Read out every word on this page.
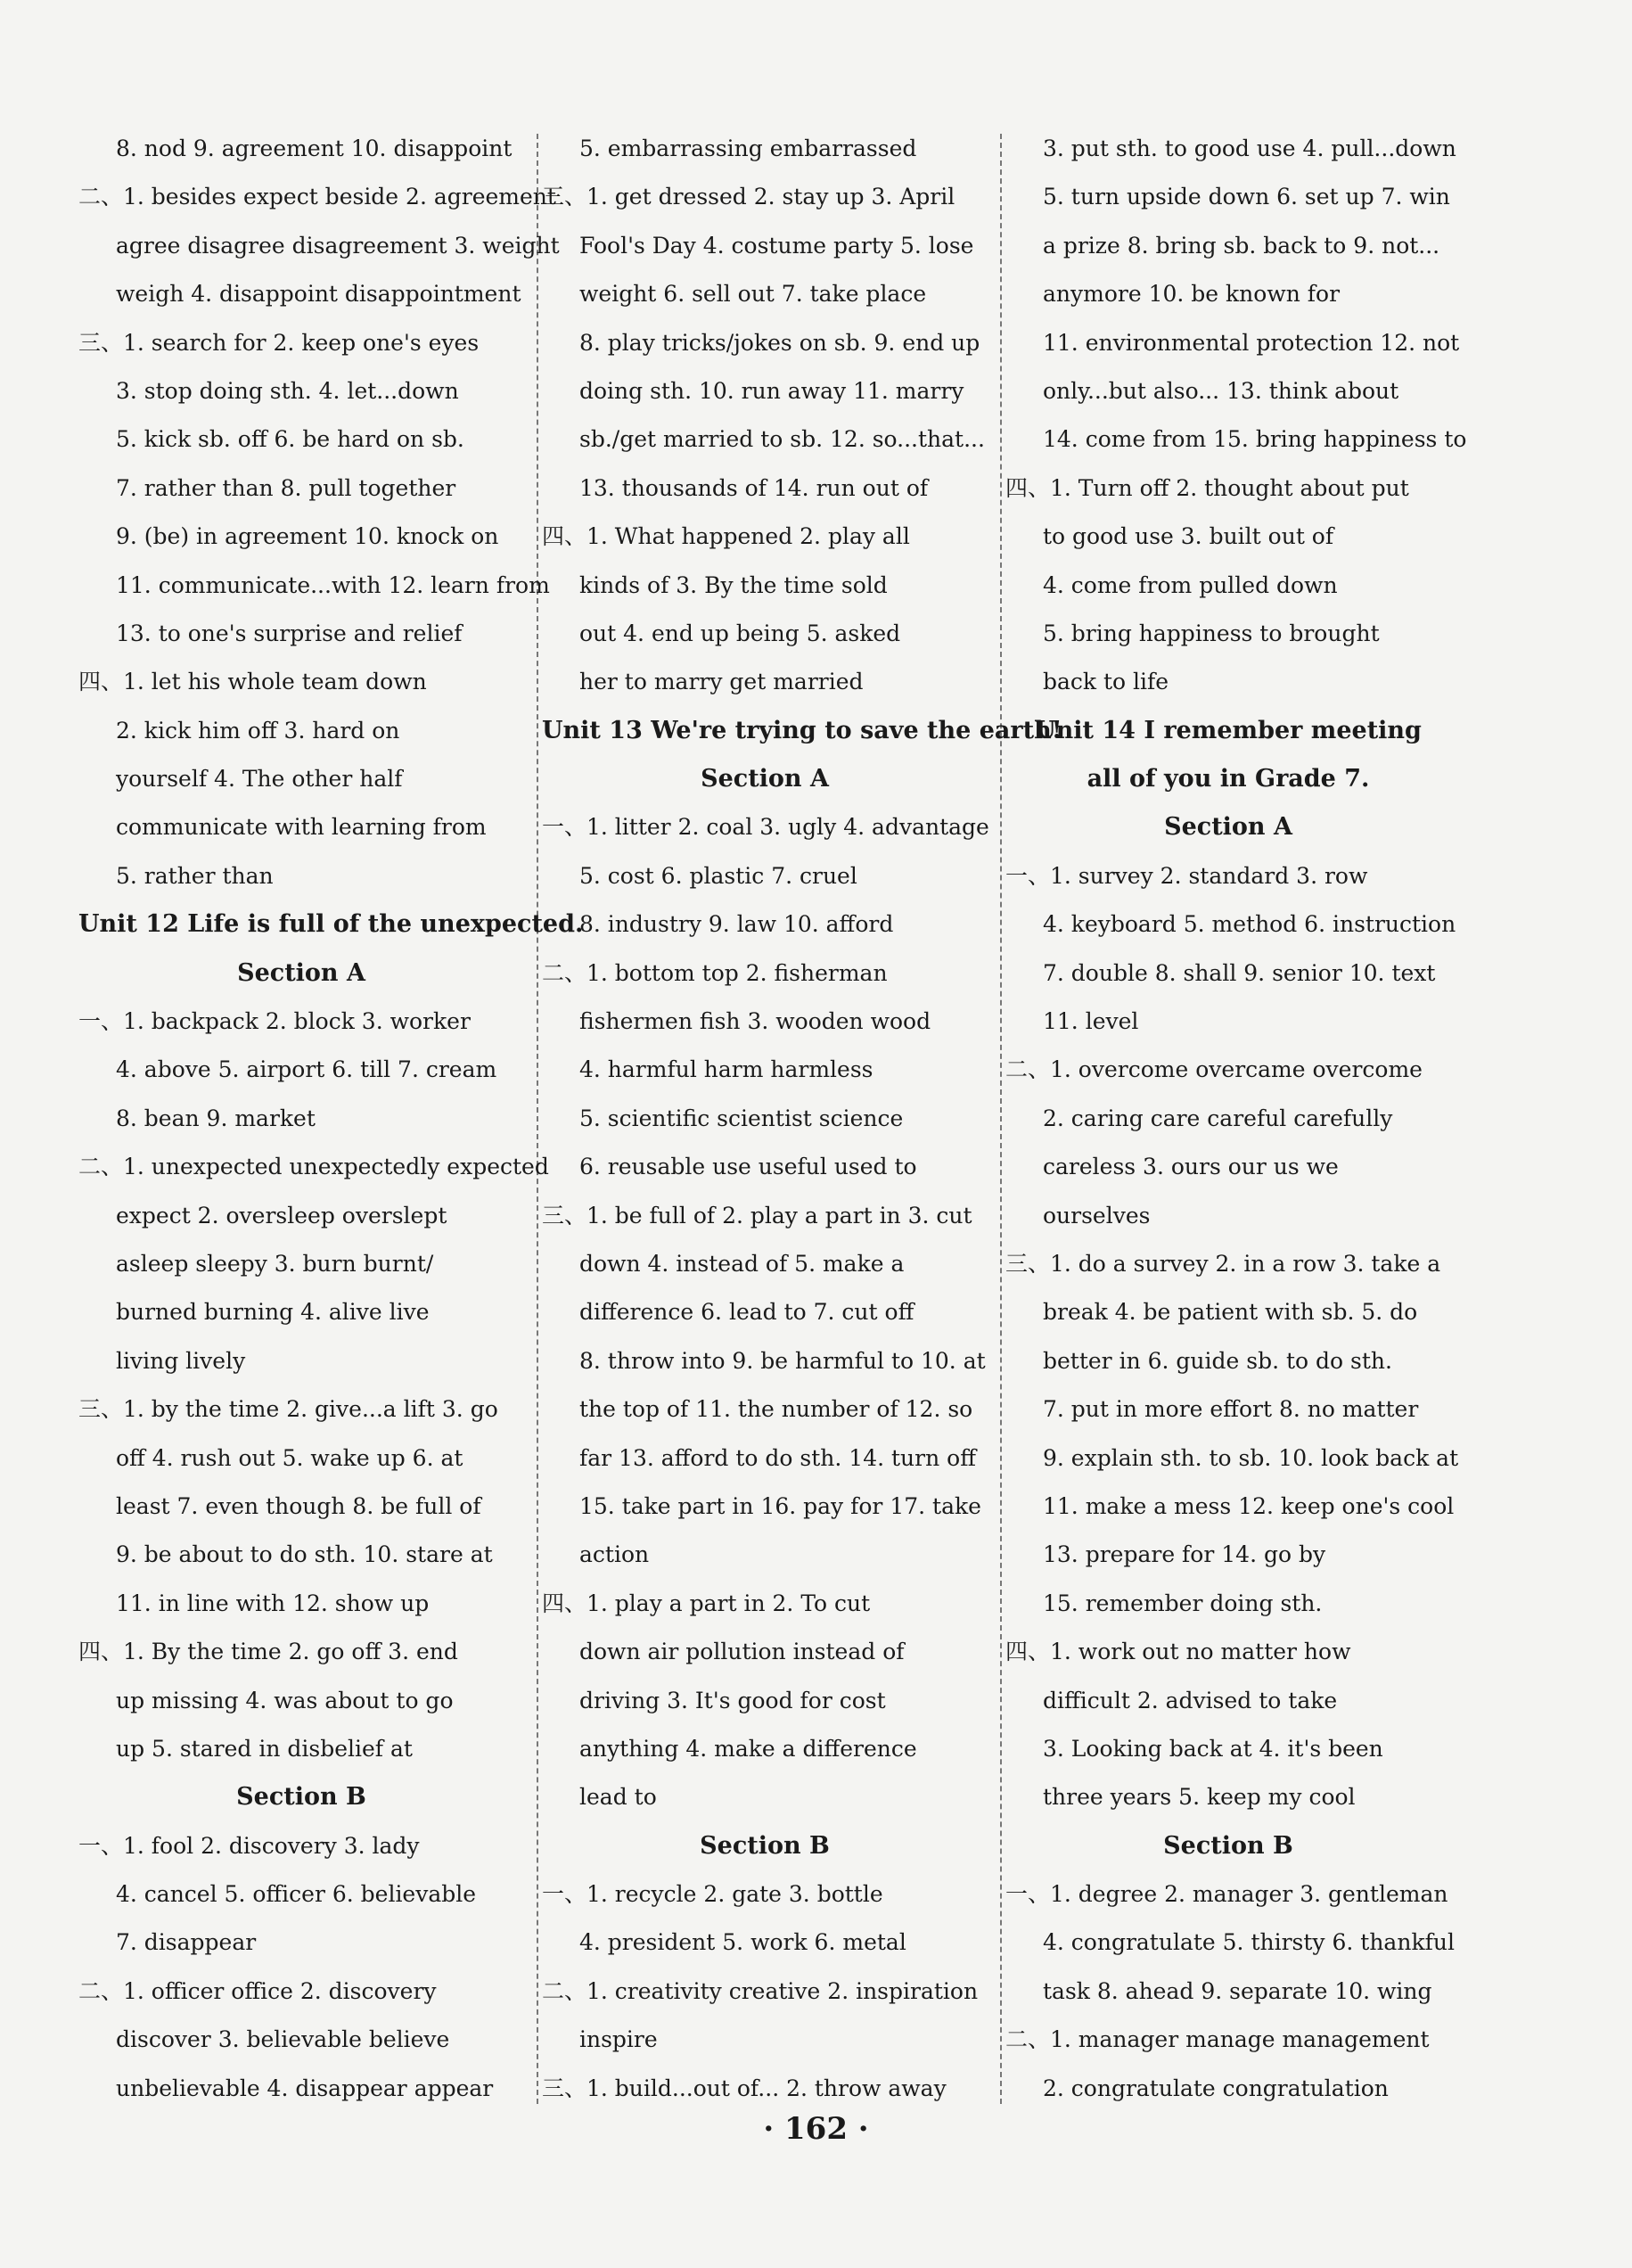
8. nod 9. agreement 10. disappoint
二、1. besides expect beside 2. agreement
agree disagree disagreement 3. weight
weigh 4. disappoint disappointment
三、1. search for 2. keep one's eyes
3. stop doing sth. 4. let...down
5. kick sb. off 6. be hard on sb.
7. rather than 8. pull together
9. (be) in agreement 10. knock on
11. communicate...with 12. learn from
13. to one's surprise and relief
四、1. let his whole team down
2. kick him off 3. hard on
yourself 4. The other half
communicate with learning from
5. rather than
Unit 12 Life is full of the unexpected.
Section A
一、1. backpack 2. block 3. worker
4. above 5. airport 6. till 7. cream
8. bean 9. market
二、1. unexpected unexpectedly expected
expect 2. oversleep overslept
asleep sleepy 3. burn burnt/
burned burning 4. alive live
living lively
三、1. by the time 2. give...a lift 3. go
off 4. rush out 5. wake up 6. at
least 7. even though 8. be full of
9. be about to do sth. 10. stare at
11. in line with 12. show up
四、1. By the time 2. go off 3. end
up missing 4. was about to go
up 5. stared in disbelief at
Section B
一、1. fool 2. discovery 3. lady
4. cancel 5. officer 6. believable
7. disappear
二、1. officer office 2. discovery
discover 3. believable believe
unbelievable 4. disappear appear
5. embarrassing embarrassed
三、1. get dressed 2. stay up 3. April
Fool's Day 4. costume party 5. lose
weight 6. sell out 7. take place
8. play tricks/jokes on sb. 9. end up
doing sth. 10. run away 11. marry
sb./get married to sb. 12. so...that...
13. thousands of 14. run out of
四、1. What happened 2. play all
kinds of 3. By the time sold
out 4. end up being 5. asked
her to marry get married
Unit 13 We're trying to save the earth!
Section A
一、1. litter 2. coal 3. ugly 4. advantage
5. cost 6. plastic 7. cruel
8. industry 9. law 10. afford
二、1. bottom top 2. fisherman
fishermen fish 3. wooden wood
4. harmful harm harmless
5. scientific scientist science
6. reusable use useful used to
三、1. be full of 2. play a part in 3. cut
down 4. instead of 5. make a
difference 6. lead to 7. cut off
8. throw into 9. be harmful to 10. at
the top of 11. the number of 12. so
far 13. afford to do sth. 14. turn off
15. take part in 16. pay for 17. take
action
四、1. play a part in 2. To cut
down air pollution instead of
driving 3. It's good for cost
anything 4. make a difference
lead to
Section B
一、1. recycle 2. gate 3. bottle
4. president 5. work 6. metal
二、1. creativity creative 2. inspiration
inspire
三、1. build...out of... 2. throw away
3. put sth. to good use 4. pull...down
5. turn upside down 6. set up 7. win
a prize 8. bring sb. back to 9. not...
anymore 10. be known for
11. environmental protection 12. not
only...but also... 13. think about
14. come from 15. bring happiness to
四、1. Turn off 2. thought about put
to good use 3. built out of
4. come from pulled down
5. bring happiness to brought
back to life
Unit 14 I remember meeting
all of you in Grade 7.
Section A
一、1. survey 2. standard 3. row
4. keyboard 5. method 6. instruction
7. double 8. shall 9. senior 10. text
11. level
二、1. overcome overcame overcome
2. caring care careful carefully
careless 3. ours our us we
ourselves
三、1. do a survey 2. in a row 3. take a
break 4. be patient with sb. 5. do
better in 6. guide sb. to do sth.
7. put in more effort 8. no matter
9. explain sth. to sb. 10. look back at
11. make a mess 12. keep one's cool
13. prepare for 14. go by
15. remember doing sth.
四、1. work out no matter how
difficult 2. advised to take
3. Looking back at 4. it's been
three years 5. keep my cool
Section B
一、1. degree 2. manager 3. gentleman
4. congratulate 5. thirsty 6. thankful
task 8. ahead 9. separate 10. wing
二、1. manager manage management
2. congratulate congratulation
· 162 ·
